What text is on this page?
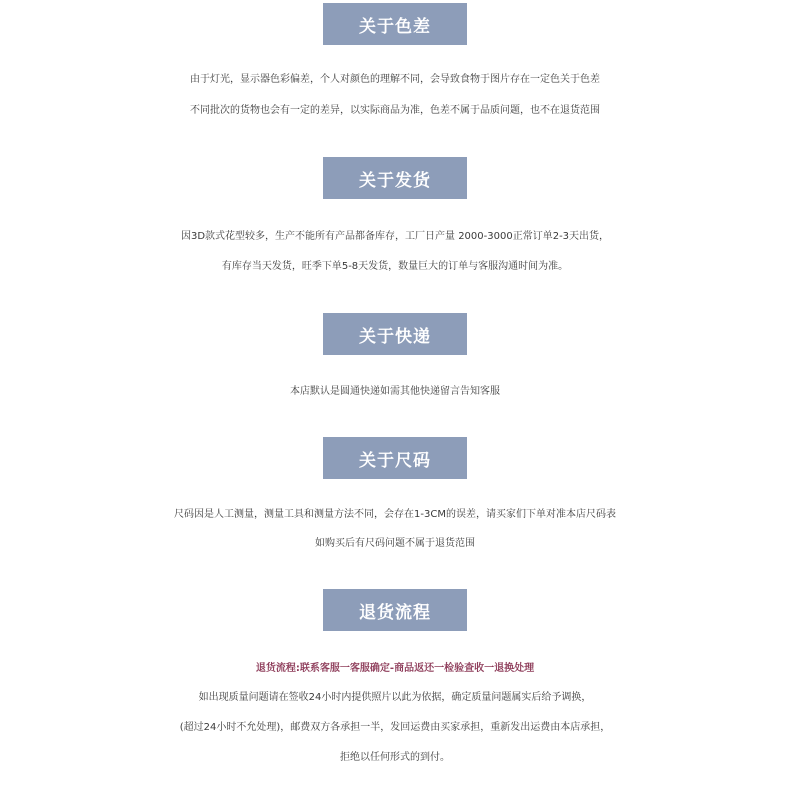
关于色差
由于灯光，显示器色彩偏差，个人对颜色的理解不同，会导致食物于图片存在一定色关于色差
不同批次的货物也会有一定的差异，以实际商品为准，色差不属于品质问题，也不在退货范围
关于发货
因3D款式花型较多，生产不能所有产品都备库存，工厂日产量 2000-3000正常订单2-3天出货，
有库存当天发货，旺季下单5-8天发货，数量巨大的订单与客服沟通时间为准。
关于快递
本店默认是圆通快递如需其他快递留言告知客服
关于尺码
尺码因是人工测量，测量工具和测量方法不同，会存在1-3CM的误差，请买家们下单对准本店尺码表
如购买后有尺码问题不属于退货范围
退货流程
退货流程:联系客服一客服确定-商品返还一检验查收一退换处理
如出现质量问题请在签收24小时内提供照片以此为依据，确定质量问题属实后给予调换，
(超过24小时不允处理)，邮费双方各承担一半，发回运费由买家承担，重新发出运费由本店承担，
拒绝以任何形式的到付。
